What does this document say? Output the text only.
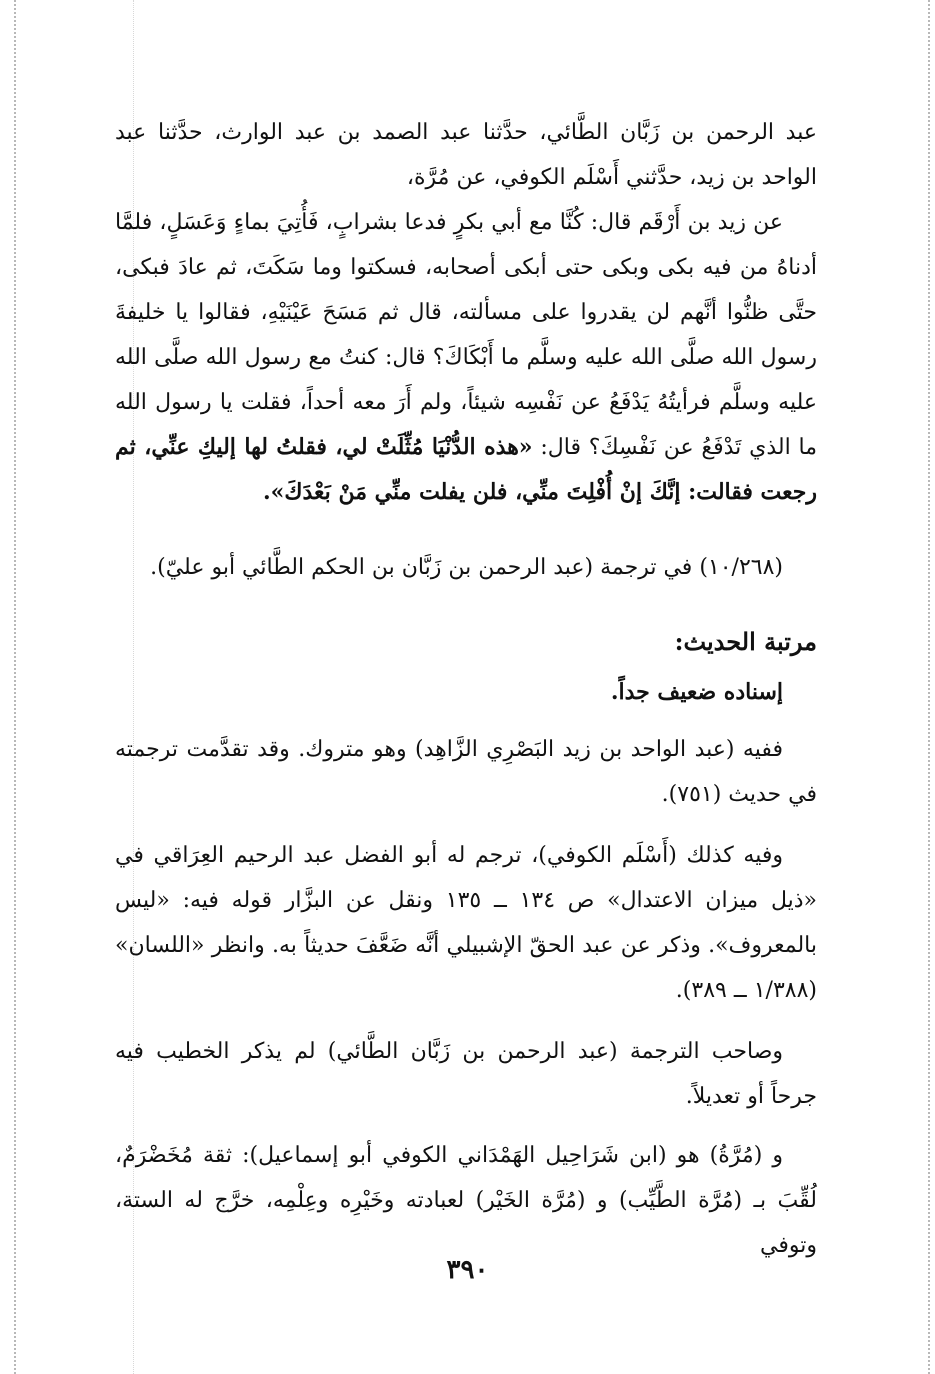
عبد الرحمن بن زَبَّان الطَّائي، حدَّثنا عبد الصمد بن عبد الوارث، حدَّثنا عبد الواحد بن زيد، حدَّثني أَسْلَم الكوفي، عن مُرَّة،

عن زيد بن أَرْقَم قال: كُنَّا مع أبي بكرٍ فدعا بشرابٍ، فَأُتِيَ بماءٍ وَعَسَلٍ، فلمَّا أدناهُ من فيه بكى وبكى حتى أبكى أصحابه، فسكتوا وما سَكَتَ، ثم عادَ فبكى، حتَّى ظنُّوا أنَّهم لن يقدروا على مسألته، قال ثم مَسَحَ عَيْنَيْهِ، فقالوا يا خليفةَ رسول الله صلَّى الله عليه وسلَّم ما أَبْكَاكَ؟ قال: كنتُ مع رسول الله صلَّى الله عليه وسلَّم فرأيتُهُ يَدْفَعُ عن نَفْسِه شيئاً، ولم أَرَ معه أحداً، فقلت يا رسول الله ما الذي تَدْفَعُ عن نَفْسِكَ؟ قال: «هذه الدُّنْيَا مُثِّلَتْ لي، فقلتُ لها إليكِ عنِّي، ثم رجعت فقالت: إنَّكَ إنْ أُفْلِتَ منِّي، فلن يفلت منِّي مَنْ بَعْدَكَ».

(١٠/٢٦٨) في ترجمة (عبد الرحمن بن زَبَّان بن الحكم الطَّائي أبو عليّ).

مرتبة الحديث:

إسناده ضعيف جداً.

ففيه (عبد الواحد بن زيد البَصْرِي الزَّاهِد) وهو متروك. وقد تقدَّمت ترجمته في حديث (٧٥١).

وفيه كذلك (أَسْلَم الكوفي)، ترجم له أبو الفضل عبد الرحيم العِرَاقي في «ذيل ميزان الاعتدال» ص ١٣٤ ــ ١٣٥ ونقل عن البزَّار قوله فيه: «ليس بالمعروف». وذكر عن عبد الحقّ الإشبيلي أنَّه ضَعَّفَ حديثاً به. وانظر «اللسان» (١/٣٨٨ ــ ٣٨٩).

وصاحب الترجمة (عبد الرحمن بن زَبَّان الطَّائي) لم يذكر الخطيب فيه جرحاً أو تعديلاً.

و (مُرَّةُ) هو (ابن شَرَاحِيل الهَمْدَاني الكوفي أبو إسماعيل): ثقة مُخَضْرَمٌ، لُقِّبَ بـ (مُرَّة الطَّيِّب) و (مُرَّة الخَيْر) لعبادته وخَيْرِه وعِلْمِه، خرَّج له الستة، وتوفي

٣٩٠
